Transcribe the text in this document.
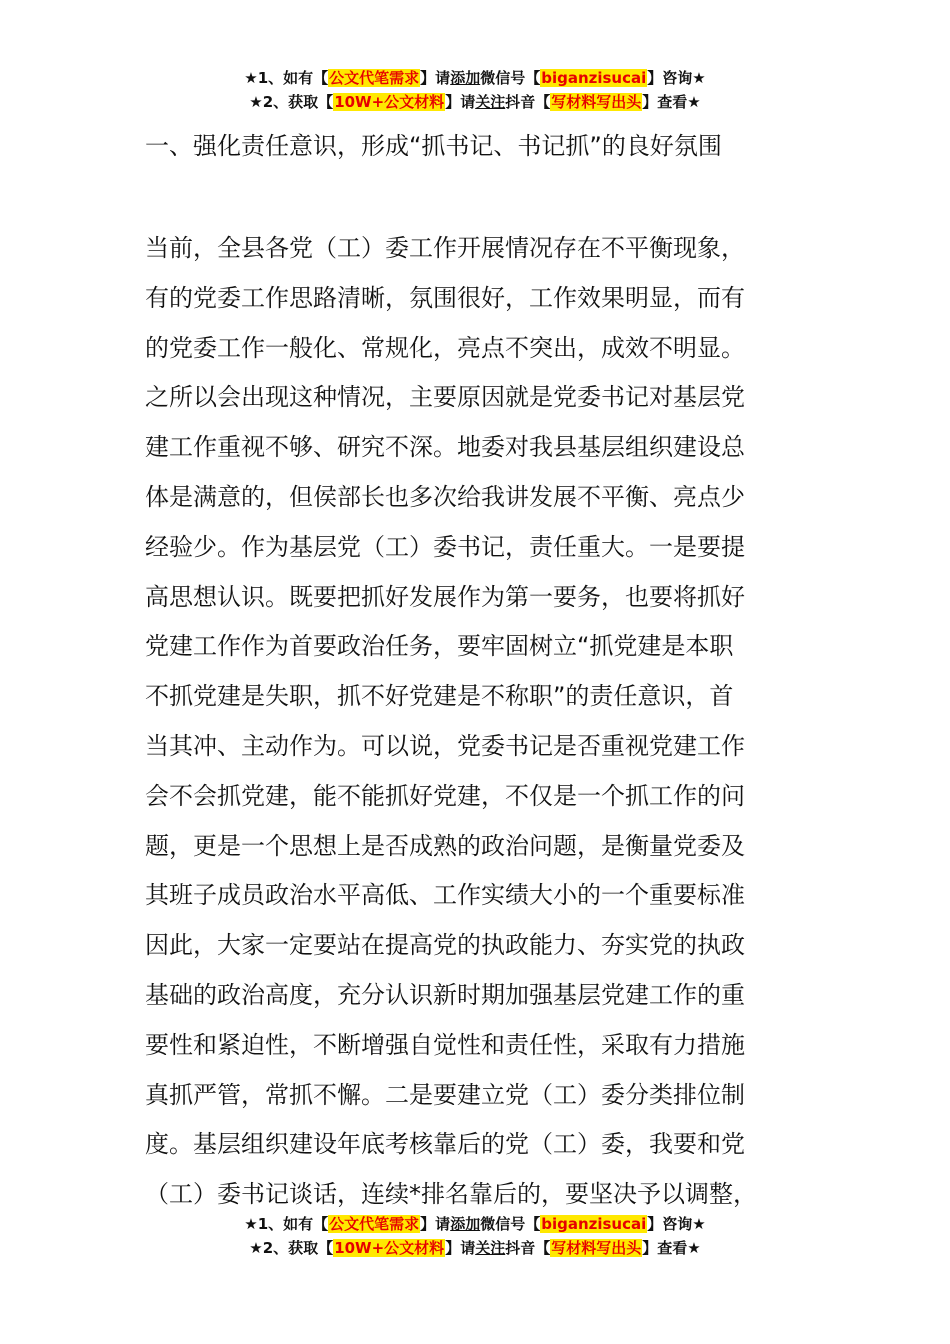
★1、如有【公文代笔需求】请添加微信号【biganzisucai】咨询★
★2、获取【10W+公文材料】请关注抖音【写材料写出头】查看★
一、强化责任意识，形成“抓书记、书记抓”的良好氛围
当前，全县各党（工）委工作开展情况存在不平衡现象，
有的党委工作思路清晰，氛围很好，工作效果明显，而有
的党委工作一般化、常规化，亮点不突出，成效不明显。
之所以会出现这种情况，主要原因就是党委书记对基层党
建工作重视不够、研究不深。地委对我县基层组织建设总
体是满意的，但侯部长也多次给我讲发展不平衡、亮点少
经验少。作为基层党（工）委书记，责任重大。一是要提
高思想认识。既要把抓好发展作为第一要务，也要将抓好
党建工作作为首要政治任务，要牢固树立“抓党建是本职
不抓党建是失职，抓不好党建是不称职”的责任意识，首
当其冲、主动作为。可以说，党委书记是否重视党建工作
会不会抓党建，能不能抓好党建，不仅是一个抓工作的问
题，更是一个思想上是否成熟的政治问题，是衡量党委及
其班子成员政治水平高低、工作实绩大小的一个重要标准
因此，大家一定要站在提高党的执政能力、夯实党的执政
基础的政治高度，充分认识新时期加强基层党建工作的重
要性和紧迫性，不断增强自觉性和责任性，采取有力措施
真抓严管，常抓不懈。二是要建立党（工）委分类排位制
度。基层组织建设年底考核靠后的党（工）委，我要和党
（工）委书记谈话，连续*排名靠后的，要坚决予以调整，
★1、如有【公文代笔需求】请添加微信号【biganzisucai】咨询★
★2、获取【10W+公文材料】请关注抖音【写材料写出头】查看★
